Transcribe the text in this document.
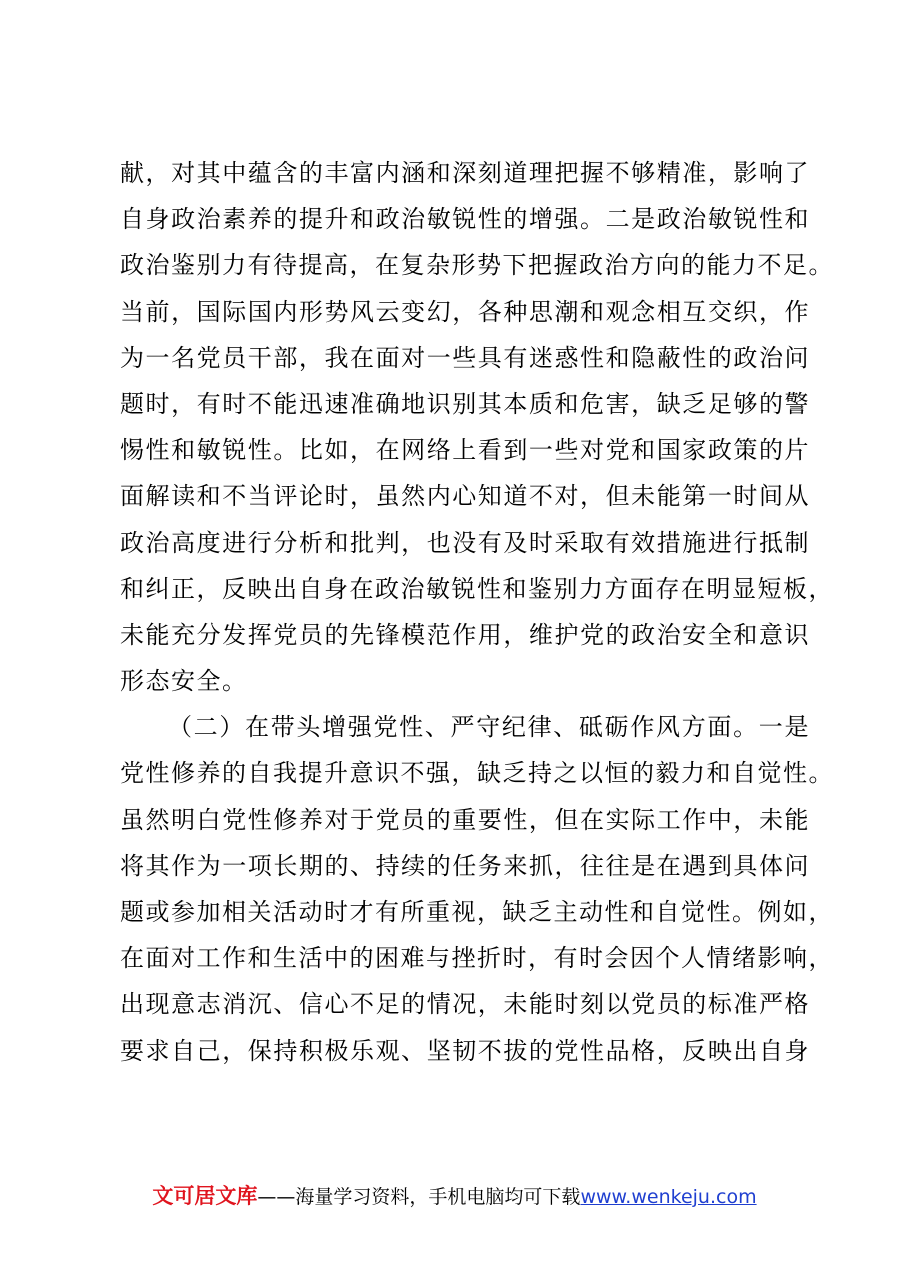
献，对其中蕴含的丰富内涵和深刻道理把握不够精准，影响了
自身政治素养的提升和政治敏锐性的增强。二是政治敏锐性和
政治鉴别力有待提高，在复杂形势下把握政治方向的能力不足。
当前，国际国内形势风云变幻，各种思潮和观念相互交织，作
为一名党员干部，我在面对一些具有迷惑性和隐蔽性的政治问
题时，有时不能迅速准确地识别其本质和危害，缺乏足够的警
惕性和敏锐性。比如，在网络上看到一些对党和国家政策的片
面解读和不当评论时，虽然内心知道不对，但未能第一时间从
政治高度进行分析和批判，也没有及时采取有效措施进行抵制
和纠正，反映出自身在政治敏锐性和鉴别力方面存在明显短板，
未能充分发挥党员的先锋模范作用，维护党的政治安全和意识
形态安全。
（二）在带头增强党性、严守纪律、砥砺作风方面。一是
党性修养的自我提升意识不强，缺乏持之以恒的毅力和自觉性。
虽然明白党性修养对于党员的重要性，但在实际工作中，未能
将其作为一项长期的、持续的任务来抓，往往是在遇到具体问
题或参加相关活动时才有所重视，缺乏主动性和自觉性。例如，
在面对工作和生活中的困难与挫折时，有时会因个人情绪影响，
出现意志消沉、信心不足的情况，未能时刻以党员的标准严格
要求自己，保持积极乐观、坚韧不拔的党性品格，反映出自身
文可居文库——海量学习资料，手机电脑均可下载www.wenkeju.com
